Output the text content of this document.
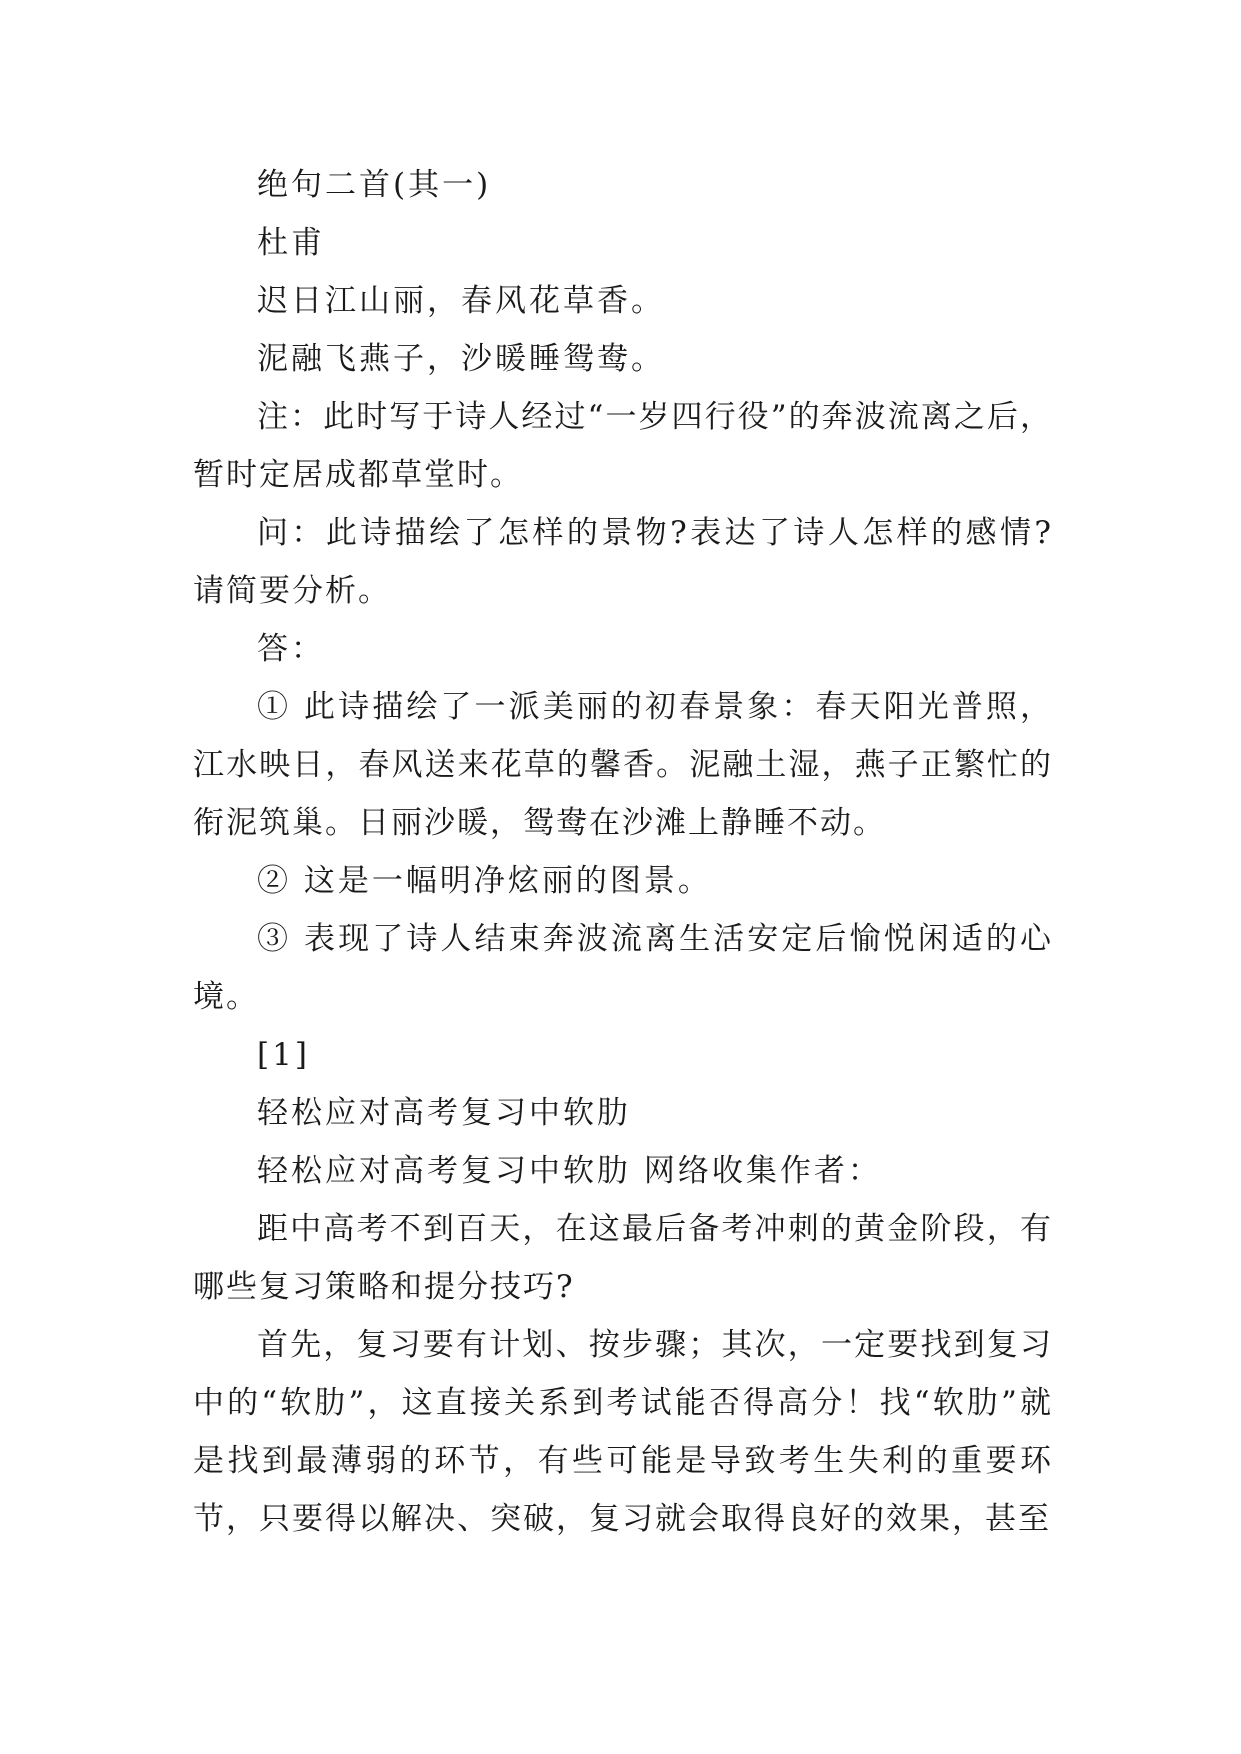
绝句二首(其一)

杜甫

迟日江山丽，春风花草香。

泥融飞燕子，沙暖睡鸳鸯。

注：此时写于诗人经过“一岁四行役”的奔波流离之后，暂时定居成都草堂时。

问：此诗描绘了怎样的景物?表达了诗人怎样的感情?请简要分析。

答：

① 此诗描绘了一派美丽的初春景象：春天阳光普照，江水映日，春风送来花草的馨香。泥融土湿，燕子正繁忙的衔泥筑巢。日丽沙暖，鸳鸯在沙滩上静睡不动。

② 这是一幅明净炫丽的图景。

③ 表现了诗人结束奔波流离生活安定后愉悦闲适的心境。

[1]

轻松应对高考复习中软肋

轻松应对高考复习中软肋 网络收集作者：

距中高考不到百天，在这最后备考冲刺的黄金阶段，有哪些复习策略和提分技巧?

首先，复习要有计划、按步骤；其次，一定要找到复习中的“软肋”，这直接关系到考试能否得高分！找“软肋”就是找到最薄弱的环节，有些可能是导致考生失利的重要环节，只要得以解决、突破，复习就会取得良好的效果，甚至
